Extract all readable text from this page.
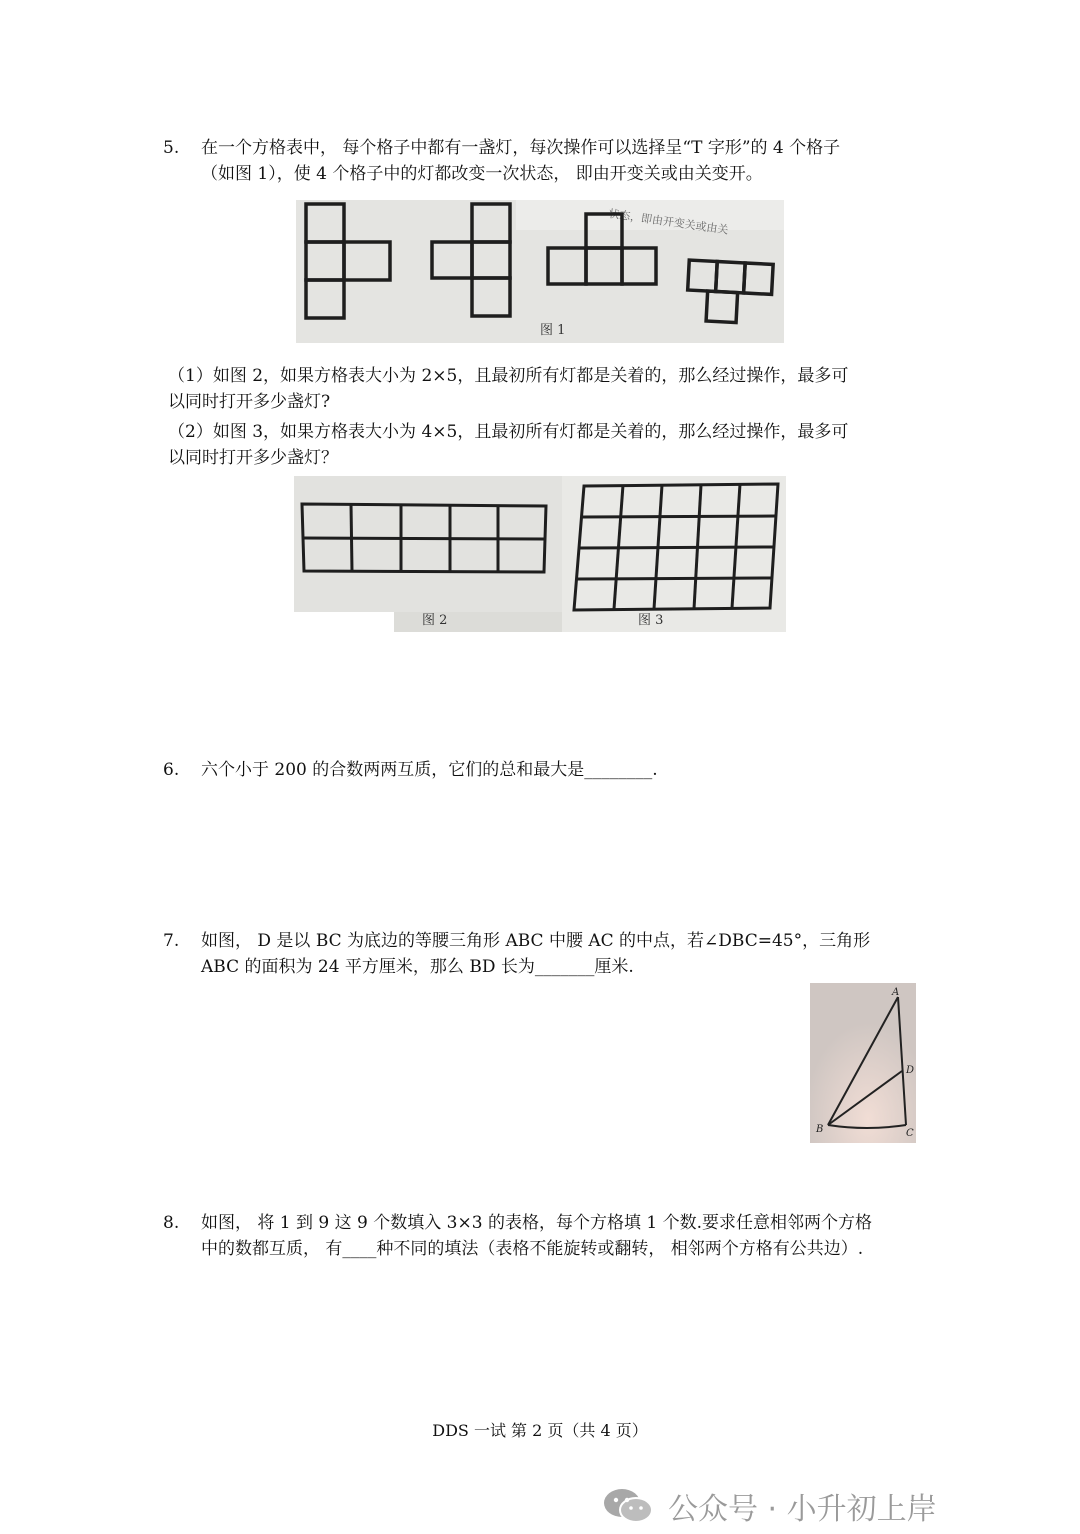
5. 在一个方格表中， 每个格子中都有一盏灯，每次操作可以选择呈“T 字形”的 4 个格子
（如图 1），使 4 个格子中的灯都改变一次状态， 即由开变关或由关变开。
状态，即由开变关或由关
图 1
（1）如图 2，如果方格表大小为 2×5，且最初所有灯都是关着的，那么经过操作，最多可
以同时打开多少盏灯?
（2）如图 3，如果方格表大小为 4×5，且最初所有灯都是关着的，那么经过操作，最多可
以同时打开多少盏灯？
图 2	图 3
6. 六个小于 200 的合数两两互质，它们的总和最大是________.
7. 如图， D 是以 BC 为底边的等腰三角形 ABC 中腰 AC 的中点，若∠DBC=45°，三角形
ABC 的面积为 24 平方厘米，那么 BD 长为_______厘米.
A
B	C
D
8. 如图， 将 1 到 9 这 9 个数填入 3×3 的表格，每个方格填 1 个数.要求任意相邻两个方格
中的数都互质， 有____种不同的填法（表格不能旋转或翻转， 相邻两个方格有公共边）.
DDS 一试 第 2 页（共 4 页）
公众号 · 小升初上岸
